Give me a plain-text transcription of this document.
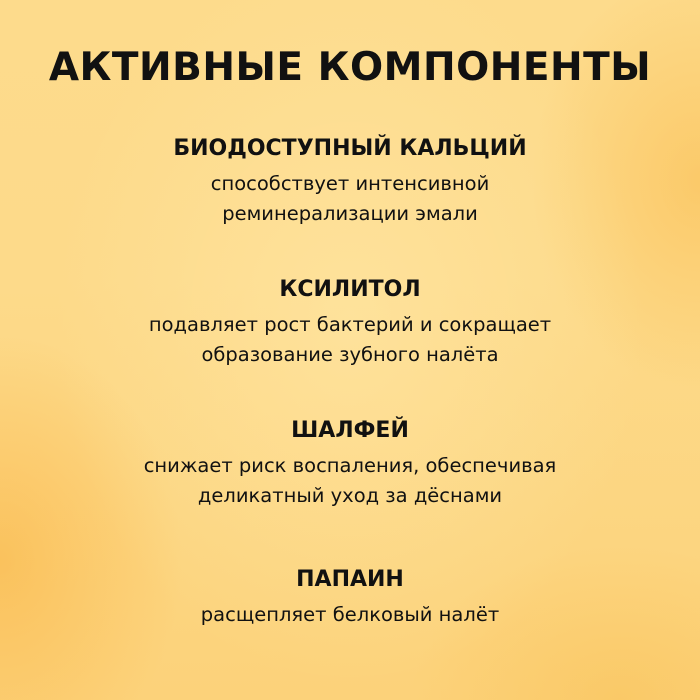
АКТИВНЫЕ КОМПОНЕНТЫ
БИОДОСТУПНЫЙ КАЛЬЦИЙ
способствует интенсивной
реминерализации эмали
КСИЛИТОЛ
подавляет рост бактерий и сокращает
образование зубного налёта
ШАЛФЕЙ
снижает риск воспаления, обеспечивая
деликатный уход за дёснами
ПАПАИН
расщепляет белковый налёт
